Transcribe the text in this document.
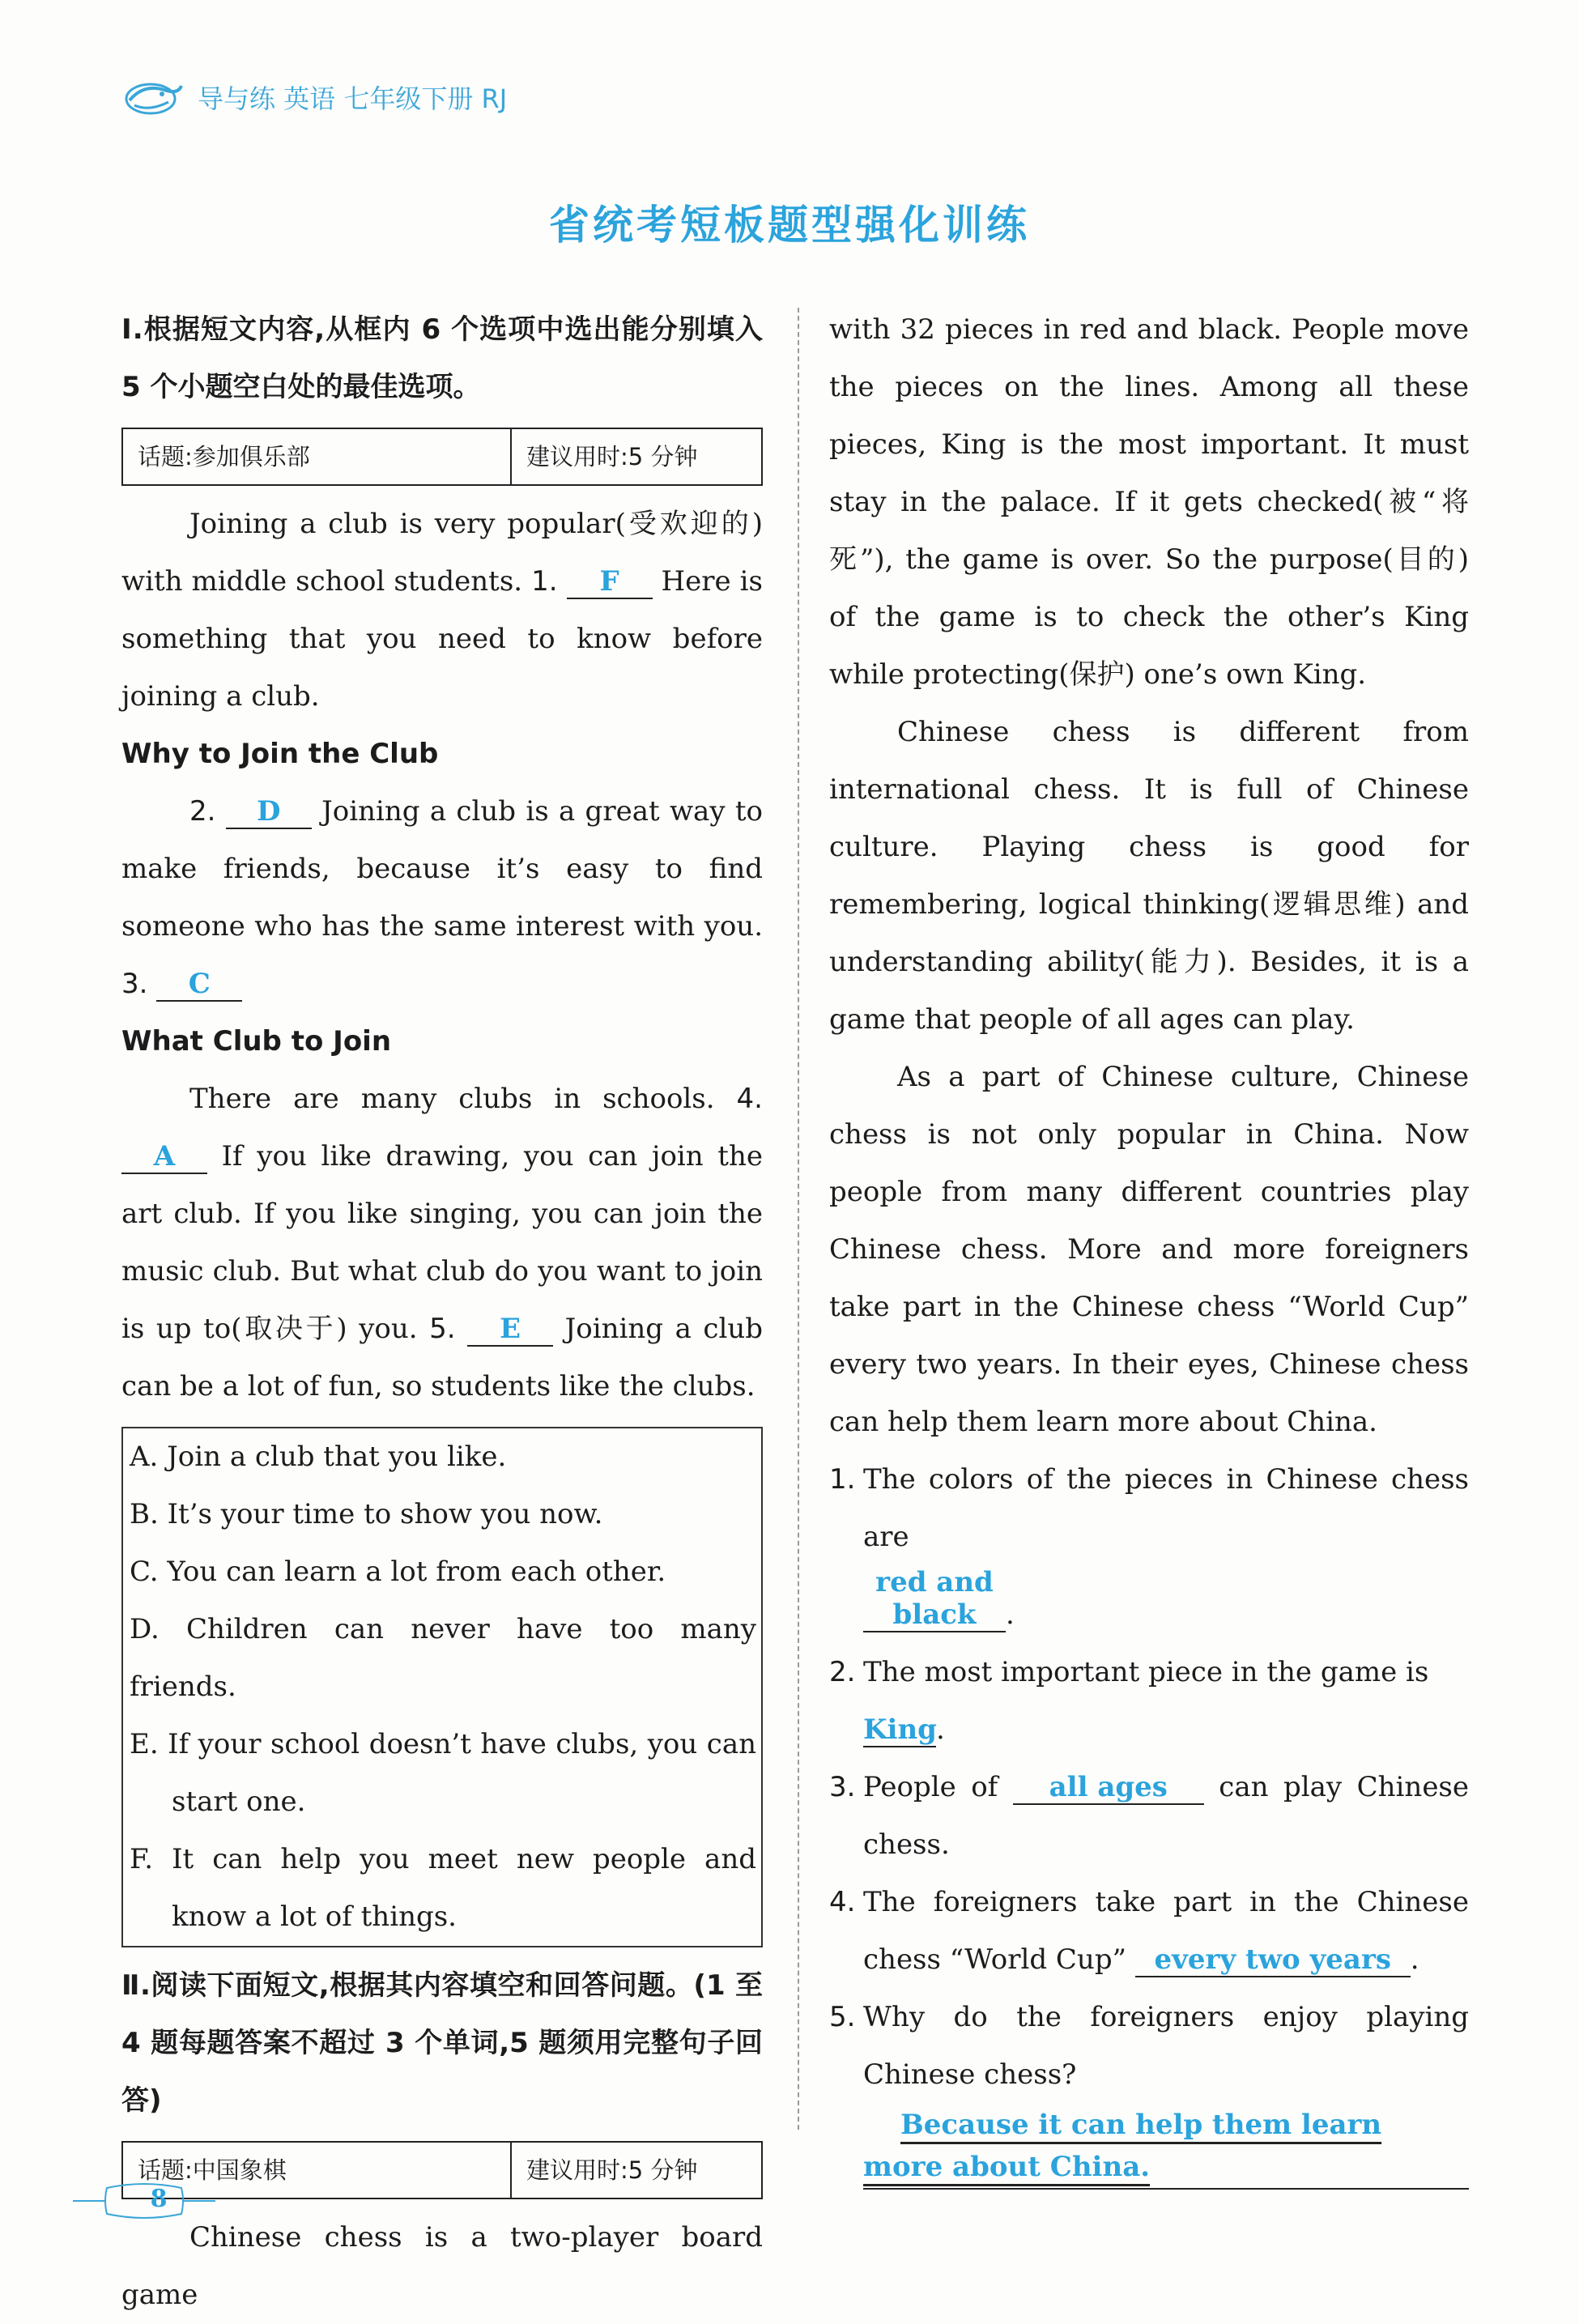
导与练 英语 七年级下册 RJ
省统考短板题型强化训练

Ⅰ.根据短文内容,从框内 6 个选项中选出能分别填入 5 个小题空白处的最佳选项。

话题:参加俱乐部	建议用时:5 分钟

Joining a club is very popular(受欢迎的) with middle school students. 1. F Here is something that you need to know before joining a club.

Why to Join the Club

2. D Joining a club is a great way to make friends, because it’s easy to find someone who has the same interest with you. 3. C

What Club to Join

There are many clubs in schools. 4. A If you like drawing, you can join the art club. If you like singing, you can join the music club. But what club do you want to join is up to(取决于) you. 5. E Joining a club can be a lot of fun, so students like the clubs.

A. Join a club that you like.

B. It’s your time to show you now.

C. You can learn a lot from each other.

D. Children can never have too many friends.

E. If your school doesn’t have clubs, you can start one.

F. It can help you meet new people and know a lot of things.

Ⅱ.阅读下面短文,根据其内容填空和回答问题。(1 至 4 题每题答案不超过 3 个单词,5 题须用完整句子回答)

话题:中国象棋	建议用时:5 分钟

Chinese chess is a two-player board game

with 32 pieces in red and black. People move the pieces on the lines. Among all these pieces, King is the most important. It must stay in the palace. If it gets checked(被“将死”), the game is over. So the purpose(目的) of the game is to check the other’s King while protecting(保护) one’s own King.

Chinese chess is different from international chess. It is full of Chinese culture. Playing chess is good for remembering, logical thinking(逻辑思维) and understanding ability(能力). Besides, it is a game that people of all ages can play.

As a part of Chinese culture, Chinese chess is not only popular in China. Now people from many different countries play Chinese chess. More and more foreigners take part in the Chinese chess “World Cup” every two years. In their eyes, Chinese chess can help them learn more about China.

1. The colors of the pieces in Chinese chess are
red and black .
2. The most important piece in the game is
King.
3. People of all ages can play Chinese chess.
4. The foreigners take part in the Chinese chess “World Cup” every two years .
5. Why do the foreigners enjoy playing Chinese chess?
Because it can help them learn more about China.
8
